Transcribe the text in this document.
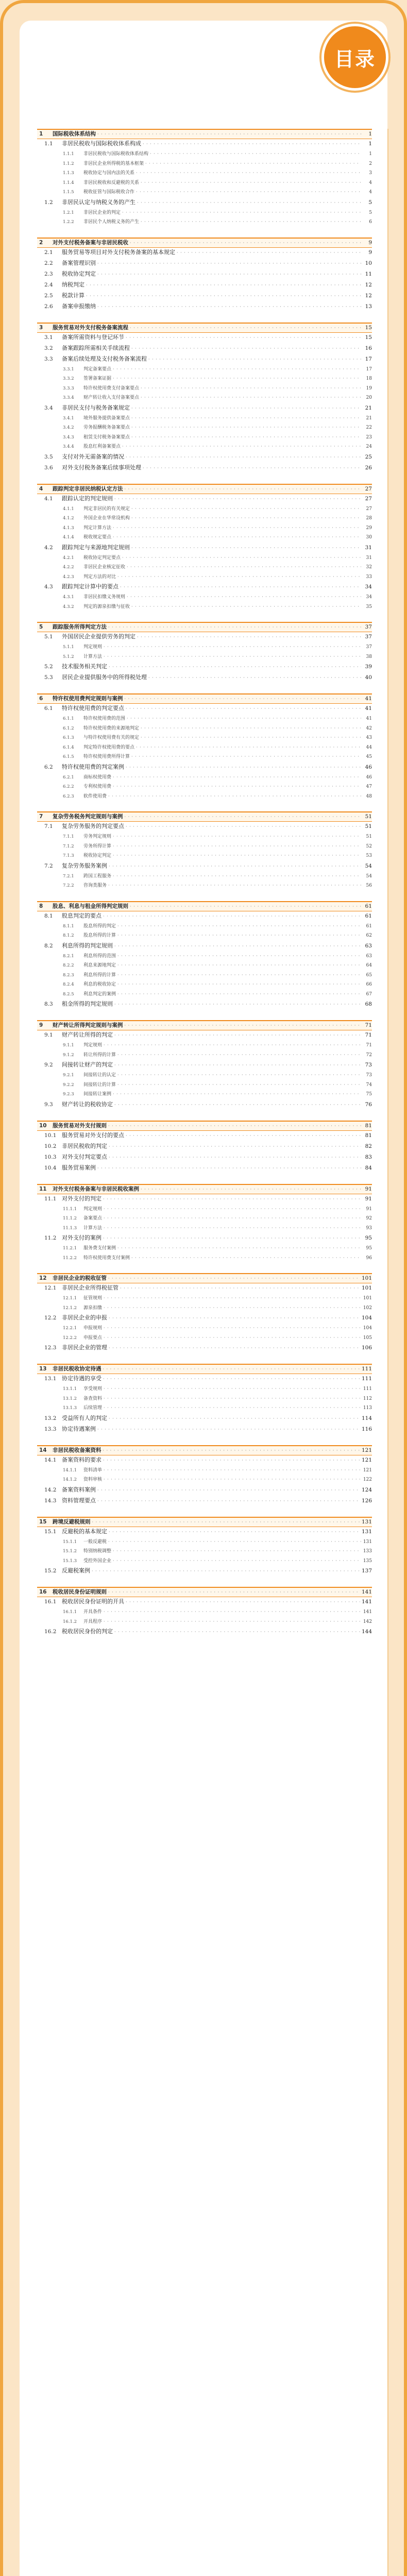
目录
1	国际税收体系结构 · · ·	1
1.1	非居民税收与国际税收体系构成 · · ·	1
1.1.1	非居民税收与国际税收体系结构 · · ·	1
1.1.2	非居民企业所得税的基本框架 · · ·	2
1.1.3	税收协定与国内法的关系 · · ·	3
1.1.4	非居民税收和反避税的关系 · · ·	4
1.1.5	税收征管与国际税收合作 · · ·	4
1.2	非居民认定与纳税义务的产生 · · ·	5
1.2.1	非居民企业的判定 · · ·	5
1.2.2	非居民个人纳税义务的产生 · · ·	6
2	对外支付税务备案与非居民税收 · · ·	9
2.1	服务贸易等项目对外支付税务备案的基本规定 · · ·	9
2.2	备案管理识别 · · ·	10
2.3	税收协定判定 · · ·	11
2.4	纳税判定 · · ·	12
2.5	税款计算 · · ·	12
2.6	备案申报缴纳 · · ·	13
3	服务贸易对外支付税务备案流程 · · ·	15
3.1	备案所需资料与登记环节 · · ·	15
3.2	备案跟踪所需相关手续流程 · · ·	16
3.3	备案后续处理及支付税务备案流程 · · ·	17
3.3.1	判定备案要点 · · ·	17
3.3.2	签署备案证据 · · ·	18
3.3.3	特许权使用费支付备案要点 · · ·	19
3.3.4	财产转让收入支付备案要点 · · ·	20
3.4	非居民支付与税务备案规定 · · ·	21
3.4.1	境外服务提供备案要点 · · ·	21
3.4.2	劳务报酬税务备案要点 · · ·	22
3.4.3	租赁支付税务备案要点 · · ·	23
3.4.4	股息红利备案要点 · · ·	24
3.5	支付对外无需备案的情况 · · ·	25
3.6	对外支付税务备案后续事项处理 · · ·	26
4	跟踪判定非居民纳税认定方法 · · ·	27
4.1	跟踪认定的判定规则 · · ·	27
4.1.1	判定非居民的有关规定 · · ·	27
4.1.2	外国企业在华常设机构 · · ·	28
4.1.3	判定计算方法 · · ·	29
4.1.4	税收规定要点 · · ·	30
4.2	跟踪判定与来源地判定规则 · · ·	31
4.2.1	税收协定判定要点 · · ·	31
4.2.2	非居民企业核定征收 · · ·	32
4.2.3	判定方法的对比 · · ·	33
4.3	跟踪判定计算中的要点 · · ·	34
4.3.1	非居民扣缴义务规则 · · ·	34
4.3.2	判定的源泉扣缴与征收 · · ·	35
5	跟踪服务所得判定方法 · · ·	37
5.1	外国居民企业提供劳务的判定 · · ·	37
5.1.1	判定规则 · · ·	37
5.1.2	计算方法 · · ·	38
5.2	技术服务相关判定 · · ·	39
5.3	居民企业提供服务中的所得税处理 · · ·	40
6	特许权使用费判定规则与案例 · · ·	41
6.1	特许权使用费的判定要点 · · ·	41
6.1.1	特许权使用费的范围 · · ·	41
6.1.2	特许权使用费的来源地判定 · · ·	42
6.1.3	与特许权使用费有关的规定 · · ·	43
6.1.4	判定特许权使用费的要点 · · ·	44
6.1.5	特许权使用费所得计算 · · ·	45
6.2	特许权使用费的判定案例 · · ·	46
6.2.1	商标权使用费 · · ·	46
6.2.2	专利权使用费 · · ·	47
6.2.3	软件使用费 · · ·	48
7	复杂劳务税务判定规则与案例 · · ·	51
7.1	复杂劳务服务的判定要点 · · ·	51
7.1.1	劳务判定规则 · · ·	51
7.1.2	劳务所得计算 · · ·	52
7.1.3	税收协定判定 · · ·	53
7.2	复杂劳务服务案例 · · ·	54
7.2.1	跨国工程服务 · · ·	54
7.2.2	咨询类服务 · · ·	56
8	股息、利息与租金所得判定规则 · · ·	61
8.1	股息判定的要点 · · ·	61
8.1.1	股息所得的判定 · · ·	61
8.1.2	股息所得的计算 · · ·	62
8.2	利息所得的判定规则 · · ·	63
8.2.1	利息所得的范围 · · ·	63
8.2.2	利息来源地判定 · · ·	64
8.2.3	利息所得的计算 · · ·	65
8.2.4	利息的税收协定 · · ·	66
8.2.5	利息判定的案例 · · ·	67
8.3	租金所得的判定规则 · · ·	68
9	财产转让所得判定规则与案例 · · ·	71
9.1	财产转让所得的判定 · · ·	71
9.1.1	判定规则 · · ·	71
9.1.2	转让所得的计算 · · ·	72
9.2	间接转让财产的判定 · · ·	73
9.2.1	间接转让的认定 · · ·	73
9.2.2	间接转让的计算 · · ·	74
9.2.3	间接转让案例 · · ·	75
9.3	财产转让的税收协定 · · ·	76
10	服务贸易对外支付规则 · · ·	81
10.1 服务贸易对外支付的要点 · · ·	81
10.2 非居民税收的判定 · · ·	82
10.3 对外支付判定要点 · · ·	83
10.4 服务贸易案例 · · ·	84
11	对外支付税务备案与非居民税收案例 · · ·	91
11.1 对外支付的判定 · · ·	91
11.1.1	判定规则 · · ·	91
11.1.2	备案要点 · · ·	92
11.1.3	计算方法 · · ·	93
11.2 对外支付的案例 · · ·	95
11.2.1	服务费支付案例 · · ·	95
11.2.2	特许权使用费支付案例 · · ·	96
12	非居民企业的税收征管 · · ·	101
12.1 非居民企业所得税征管 · · ·	101
12.1.1	征管规则 · · ·	101
12.1.2	源泉扣缴 · · ·	102
12.2 非居民企业的申报 · · ·	104
12.2.1	申报规则 · · ·	104
12.2.2	申报要点 · · ·	105
12.3 非居民企业的管理 · · ·	106
13	非居民税收协定待遇 · · ·	111
13.1 协定待遇的享受 · · ·	111
13.1.1	享受规则 · · ·	111
13.1.2	备查资料 · · ·	112
13.1.3	后续管理 · · ·	113
13.2 受益所有人的判定 · · ·	114
13.3 协定待遇案例 · · ·	116
14	非居民税收备案资料 · · ·	121
14.1 备案资料的要求 · · ·	121
14.1.1	资料清单 · · ·	121
14.1.2	资料审核 · · ·	122
14.2 备案资料案例 · · ·	124
14.3 资料管理要点 · · ·	126
15	跨境反避税规则 · · ·	131
15.1 反避税的基本规定 · · ·	131
15.1.1	一般反避税 · · ·	131
15.1.2	特别纳税调整 · · ·	133
15.1.3	受控外国企业 · · ·	135
15.2 反避税案例 · · ·	137
16	税收居民身份证明规则 · · ·	141
16.1 税收居民身份证明的开具 · · ·	141
16.1.1	开具条件 · · ·	141
16.1.2	开具程序 · · ·	142
16.2 税收居民身份的判定 · · ·	144
